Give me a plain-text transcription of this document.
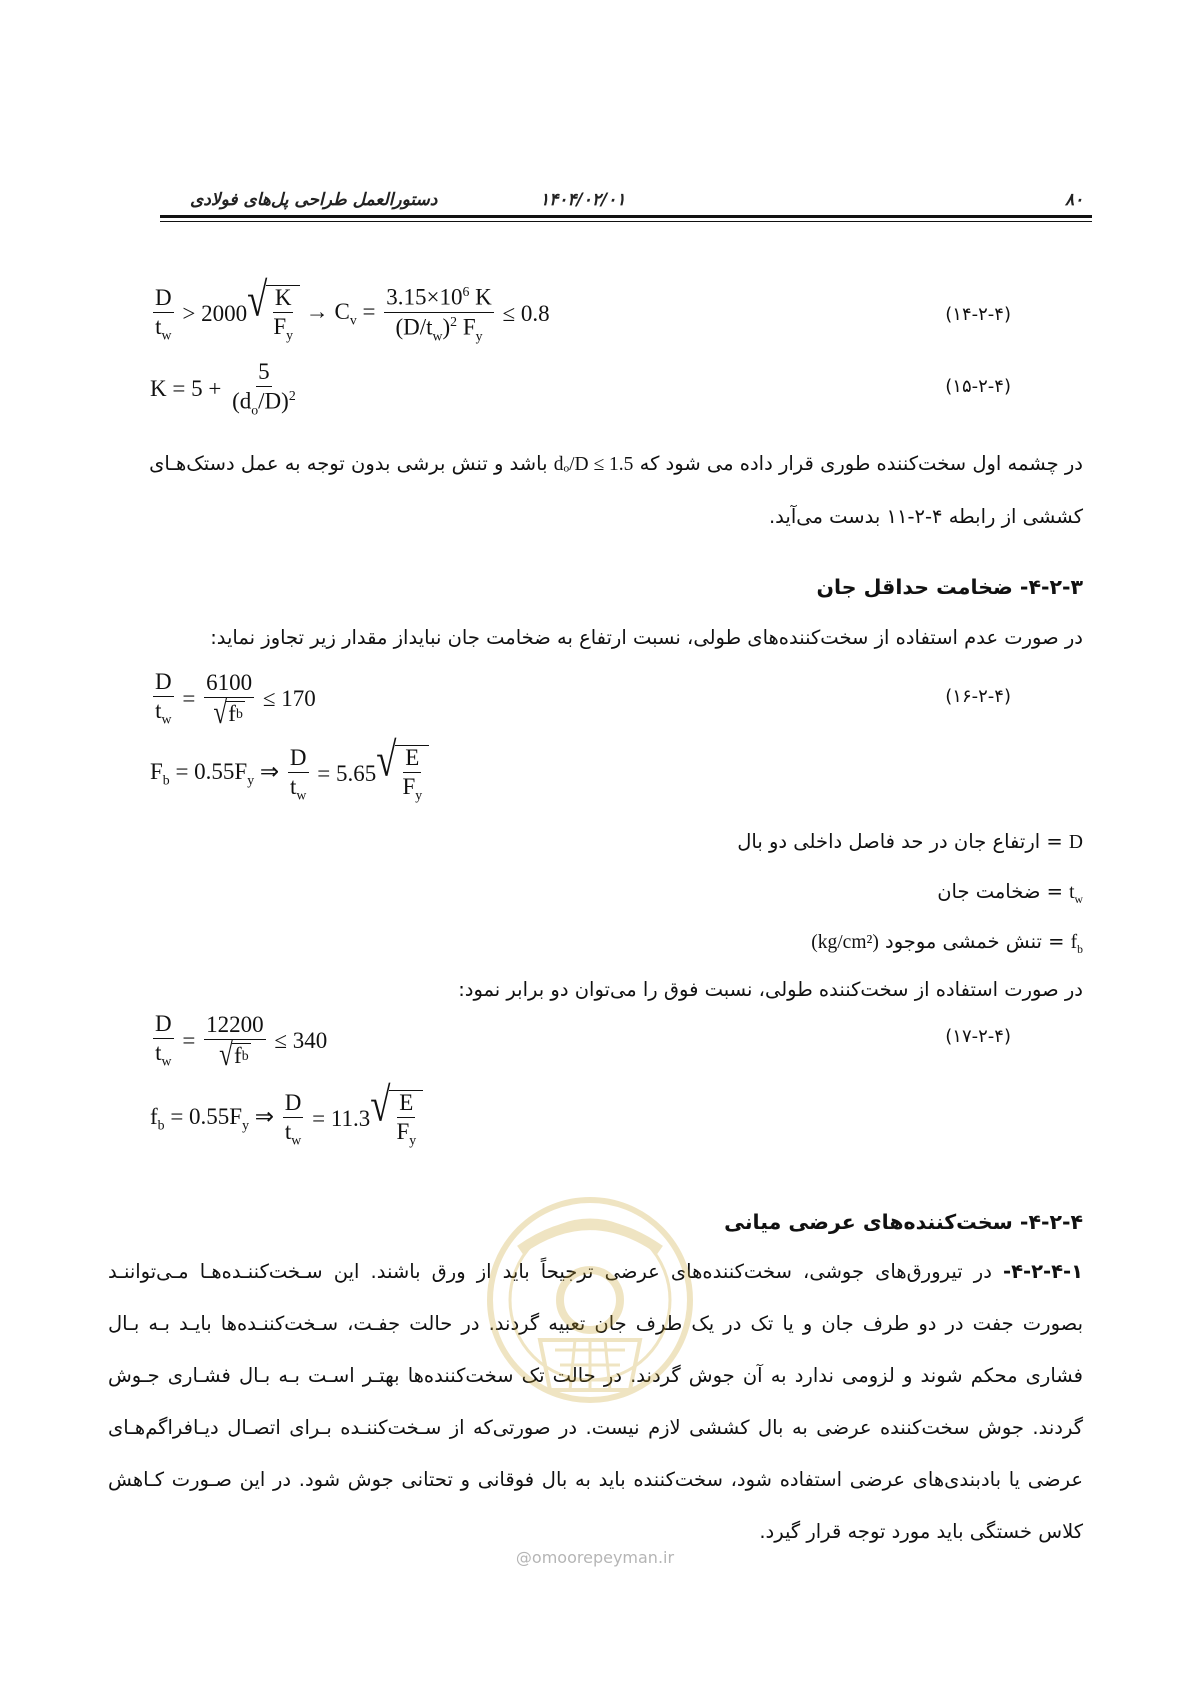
۸۰
۱۴۰۴/۰۲/۰۱
دستورالعمل طراحی پل‌های فولادی
$\frac{D}{t_w} > 2000$ √ $\frac{K}{F_y} \to C_v = \frac{3.15\times 10^6 K}{(D/t_w)^2 F_y} \le 0.8$	(۱۴-۲-۴)
$K = 5 + \frac{5}{(d_o/D)^2}$	(۱۵-۲-۴)
در چشمه اول سخت‌کننده طوری قرار داده می شود که dₒ/D ≤ 1.5 باشد و تنش برشی بدون توجه به عمل دستک‌هـای
کششی از رابطه ۴-۲-۱۱ بدست می‌آید.
۴-۲-۳- ضخامت حداقل جان
در صورت عدم استفاده از سخت‌کننده‌های طولی، نسبت ارتفاع به ضخامت جان نبایداز مقدار زیر تجاوز نماید:
$\frac{D}{t_w} = \frac{6100}{\text{√ f b}} \le 170$	(۱۶-۲-۴)
$F_b = 0.55F_y$ ⇒ $\frac{D}{t_w} = 5.65$ √ $\frac{E}{F_y}$
D = ارتفاع جان در حد فاصل داخلی دو بال
$t_w$ = ضخامت جان
$f_b$ = تنش خمشی موجود (kg/cm²)
در صورت استفاده از سخت‌کننده طولی، نسبت فوق را می‌توان دو برابر نمود:
$\frac{D}{t_w} = \frac{12200}{\text{√ f b}} \le 340$	(۱۷-۲-۴)
$f_b = 0.55F_y$ ⇒ $\frac{D}{t_w} = 11.3$ √ $\frac{E}{F_y}$
۴-۲-۴- سخت‌کننده‌های عرضی میانی
۴-۲-۴-۱- در تیرورق‌های جوشی، سخت‌کننده‌های عرضی ترجیحاً باید از ورق باشند. این سـخت‌کننـده‌هـا مـی‌تواننـد بصورت جفت در دو طرف جان و یا تک در یک طرف جان تعبیه گردند. در حالت جفـت، سـخت‌کننـده‌ها بایـد بـه بـال فشاری محکم شوند و لزومی ندارد به آن جوش گردند. در حالت تک سخت‌کننده‌ها بهتـر اسـت بـه بـال فشـاری جـوش گردند. جوش سخت‌کننده عرضی به بال کششی لازم نیست. در صورتی‌که از سـخت‌کننـده بـرای اتصـال دیـافراگم‌هـای عرضی یا بادبندی‌های عرضی استفاده شود، سخت‌کننده باید به بال فوقانی و تحتانی جوش شود. در این صـورت کـاهش کلاس خستگی باید مورد توجه قرار گیرد.
@omoorepeyman.ir
